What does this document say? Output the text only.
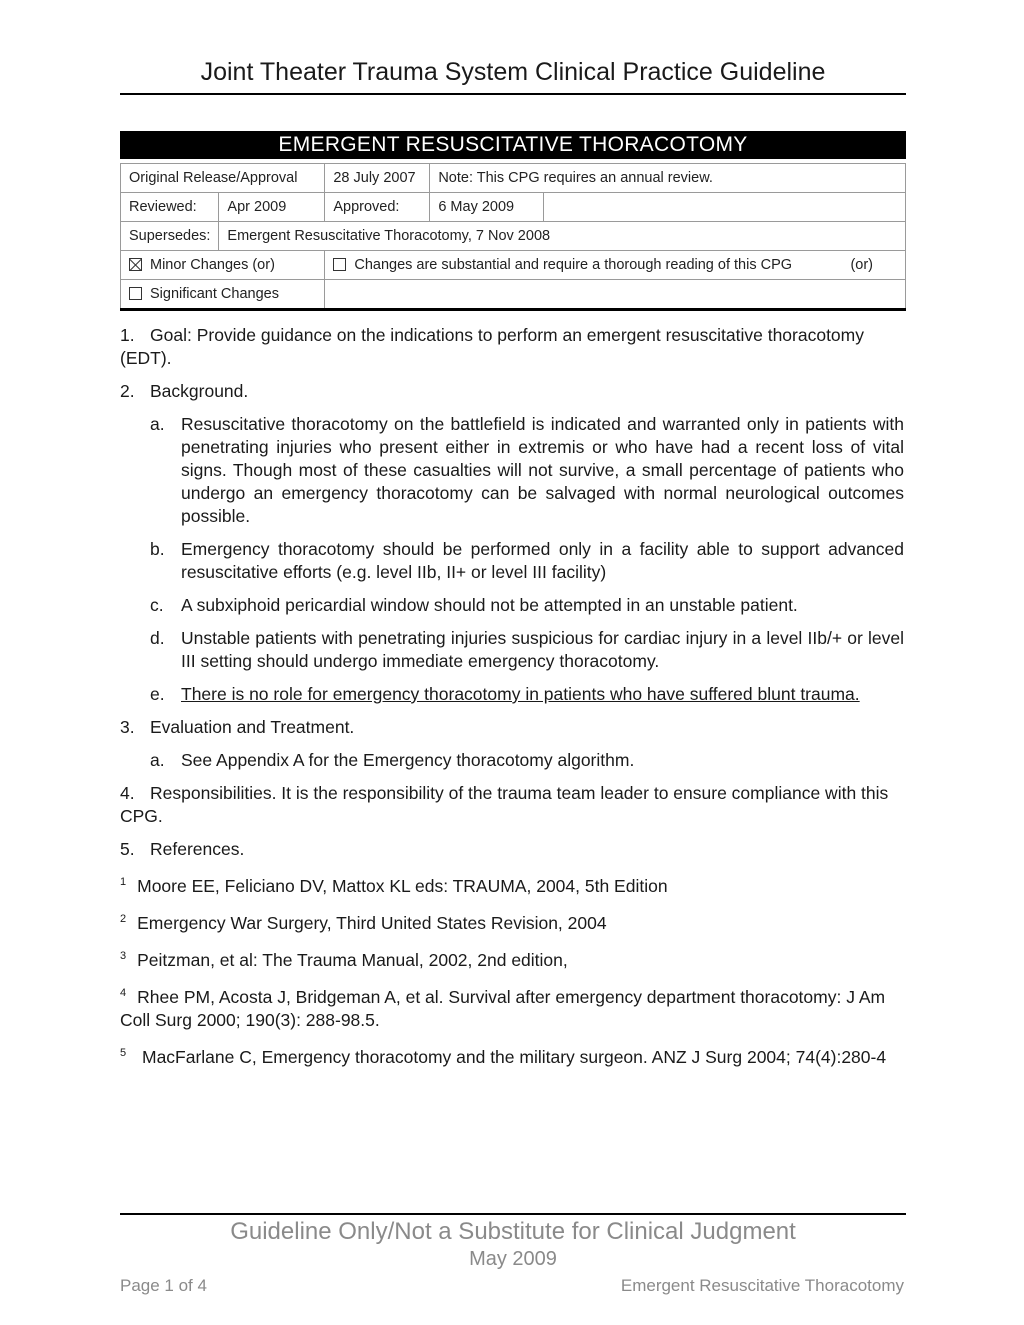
Joint Theater Trauma System Clinical Practice Guideline
EMERGENT RESUSCITATIVE THORACOTOMY
Original Release/Approval		28 July 2007	Note: This CPG requires an annual review.	
Reviewed:	Apr 2009	Approved:	6 May 2009	
Supersedes:	Emergent Resuscitative Thoracotomy, 7 Nov 2008			
Minor Changes (or)		Changes are substantial and require a thorough reading of this CPG (or)		

Significant Changes				
1. Goal: Provide guidance on the indications to perform an emergent resuscitative thoracotomy (EDT).
2. Background.
a. Resuscitative thoracotomy on the battlefield is indicated and warranted only in patients with penetrating injuries who present either in extremis or who have had a recent loss of vital signs. Though most of these casualties will not survive, a small percentage of patients who undergo an emergency thoracotomy can be salvaged with normal neurological outcomes possible.
b. Emergency thoracotomy should be performed only in a facility able to support advanced resuscitative efforts (e.g. level IIb, II+ or level III facility)
c. A subxiphoid pericardial window should not be attempted in an unstable patient.
d. Unstable patients with penetrating injuries suspicious for cardiac injury in a level IIb/+ or level III setting should undergo immediate emergency thoracotomy.
e. There is no role for emergency thoracotomy in patients who have suffered blunt trauma.
3. Evaluation and Treatment.
a. See Appendix A for the Emergency thoracotomy algorithm.
4. Responsibilities. It is the responsibility of the trauma team leader to ensure compliance with this CPG.
5. References.
$^1$ Moore EE, Feliciano DV, Mattox KL eds: TRAUMA, 2004, 5th Edition
$^2$ Emergency War Surgery, Third United States Revision, 2004
$^3$ Peitzman, et al: The Trauma Manual, 2002, 2nd edition,
$^4$ Rhee PM, Acosta J, Bridgeman A, et al. Survival after emergency department thoracotomy: J Am Coll Surg 2000; 190(3): 288-98.5.
$^5$ MacFarlane C, Emergency thoracotomy and the military surgeon. ANZ J Surg 2004; 74(4):280-4
Guideline Only/Not a Substitute for Clinical Judgment
May 2009
Page 1 of 4	Emergent Resuscitative Thoracotomy
